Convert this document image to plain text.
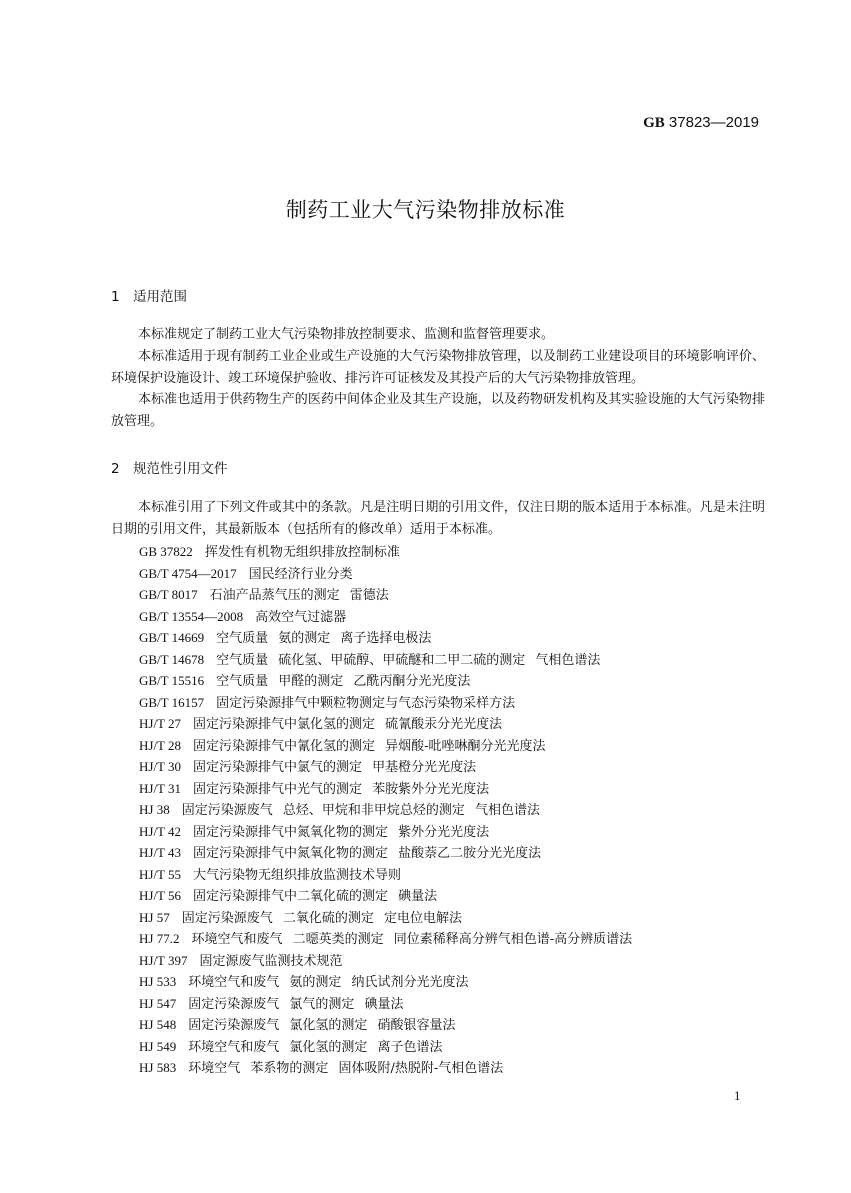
GB 37823—2019
制药工业大气污染物排放标准
1 适用范围
本标准规定了制药工业大气污染物排放控制要求、监测和监督管理要求。
本标准适用于现有制药工业企业或生产设施的大气污染物排放管理，以及制药工业建设项目的环境影响评价、环境保护设施设计、竣工环境保护验收、排污许可证核发及其投产后的大气污染物排放管理。
本标准也适用于供药物生产的医药中间体企业及其生产设施，以及药物研发机构及其实验设施的大气污染物排放管理。
2 规范性引用文件
本标准引用了下列文件或其中的条款。凡是注明日期的引用文件，仅注日期的版本适用于本标准。凡是未注明日期的引用文件，其最新版本（包括所有的修改单）适用于本标准。
GB 37822 挥发性有机物无组织排放控制标准
GB/T 4754—2017 国民经济行业分类
GB/T 8017 石油产品蒸气压的测定 雷德法
GB/T 13554—2008 高效空气过滤器
GB/T 14669 空气质量 氨的测定 离子选择电极法
GB/T 14678 空气质量 硫化氢、甲硫醇、甲硫醚和二甲二硫的测定 气相色谱法
GB/T 15516 空气质量 甲醛的测定 乙酰丙酮分光光度法
GB/T 16157 固定污染源排气中颗粒物测定与气态污染物采样方法
HJ/T 27 固定污染源排气中氯化氢的测定 硫氰酸汞分光光度法
HJ/T 28 固定污染源排气中氰化氢的测定 异烟酸-吡唑啉酮分光光度法
HJ/T 30 固定污染源排气中氯气的测定 甲基橙分光光度法
HJ/T 31 固定污染源排气中光气的测定 苯胺紫外分光光度法
HJ 38 固定污染源废气 总烃、甲烷和非甲烷总烃的测定 气相色谱法
HJ/T 42 固定污染源排气中氮氧化物的测定 紫外分光光度法
HJ/T 43 固定污染源排气中氮氧化物的测定 盐酸萘乙二胺分光光度法
HJ/T 55 大气污染物无组织排放监测技术导则
HJ/T 56 固定污染源排气中二氧化硫的测定 碘量法
HJ 57 固定污染源废气 二氧化硫的测定 定电位电解法
HJ 77.2 环境空气和废气 二噁英类的测定 同位素稀释高分辨气相色谱-高分辨质谱法
HJ/T 397 固定源废气监测技术规范
HJ 533 环境空气和废气 氨的测定 纳氏试剂分光光度法
HJ 547 固定污染源废气 氯气的测定 碘量法
HJ 548 固定污染源废气 氯化氢的测定 硝酸银容量法
HJ 549 环境空气和废气 氯化氢的测定 离子色谱法
HJ 583 环境空气 苯系物的测定 固体吸附/热脱附-气相色谱法
1
